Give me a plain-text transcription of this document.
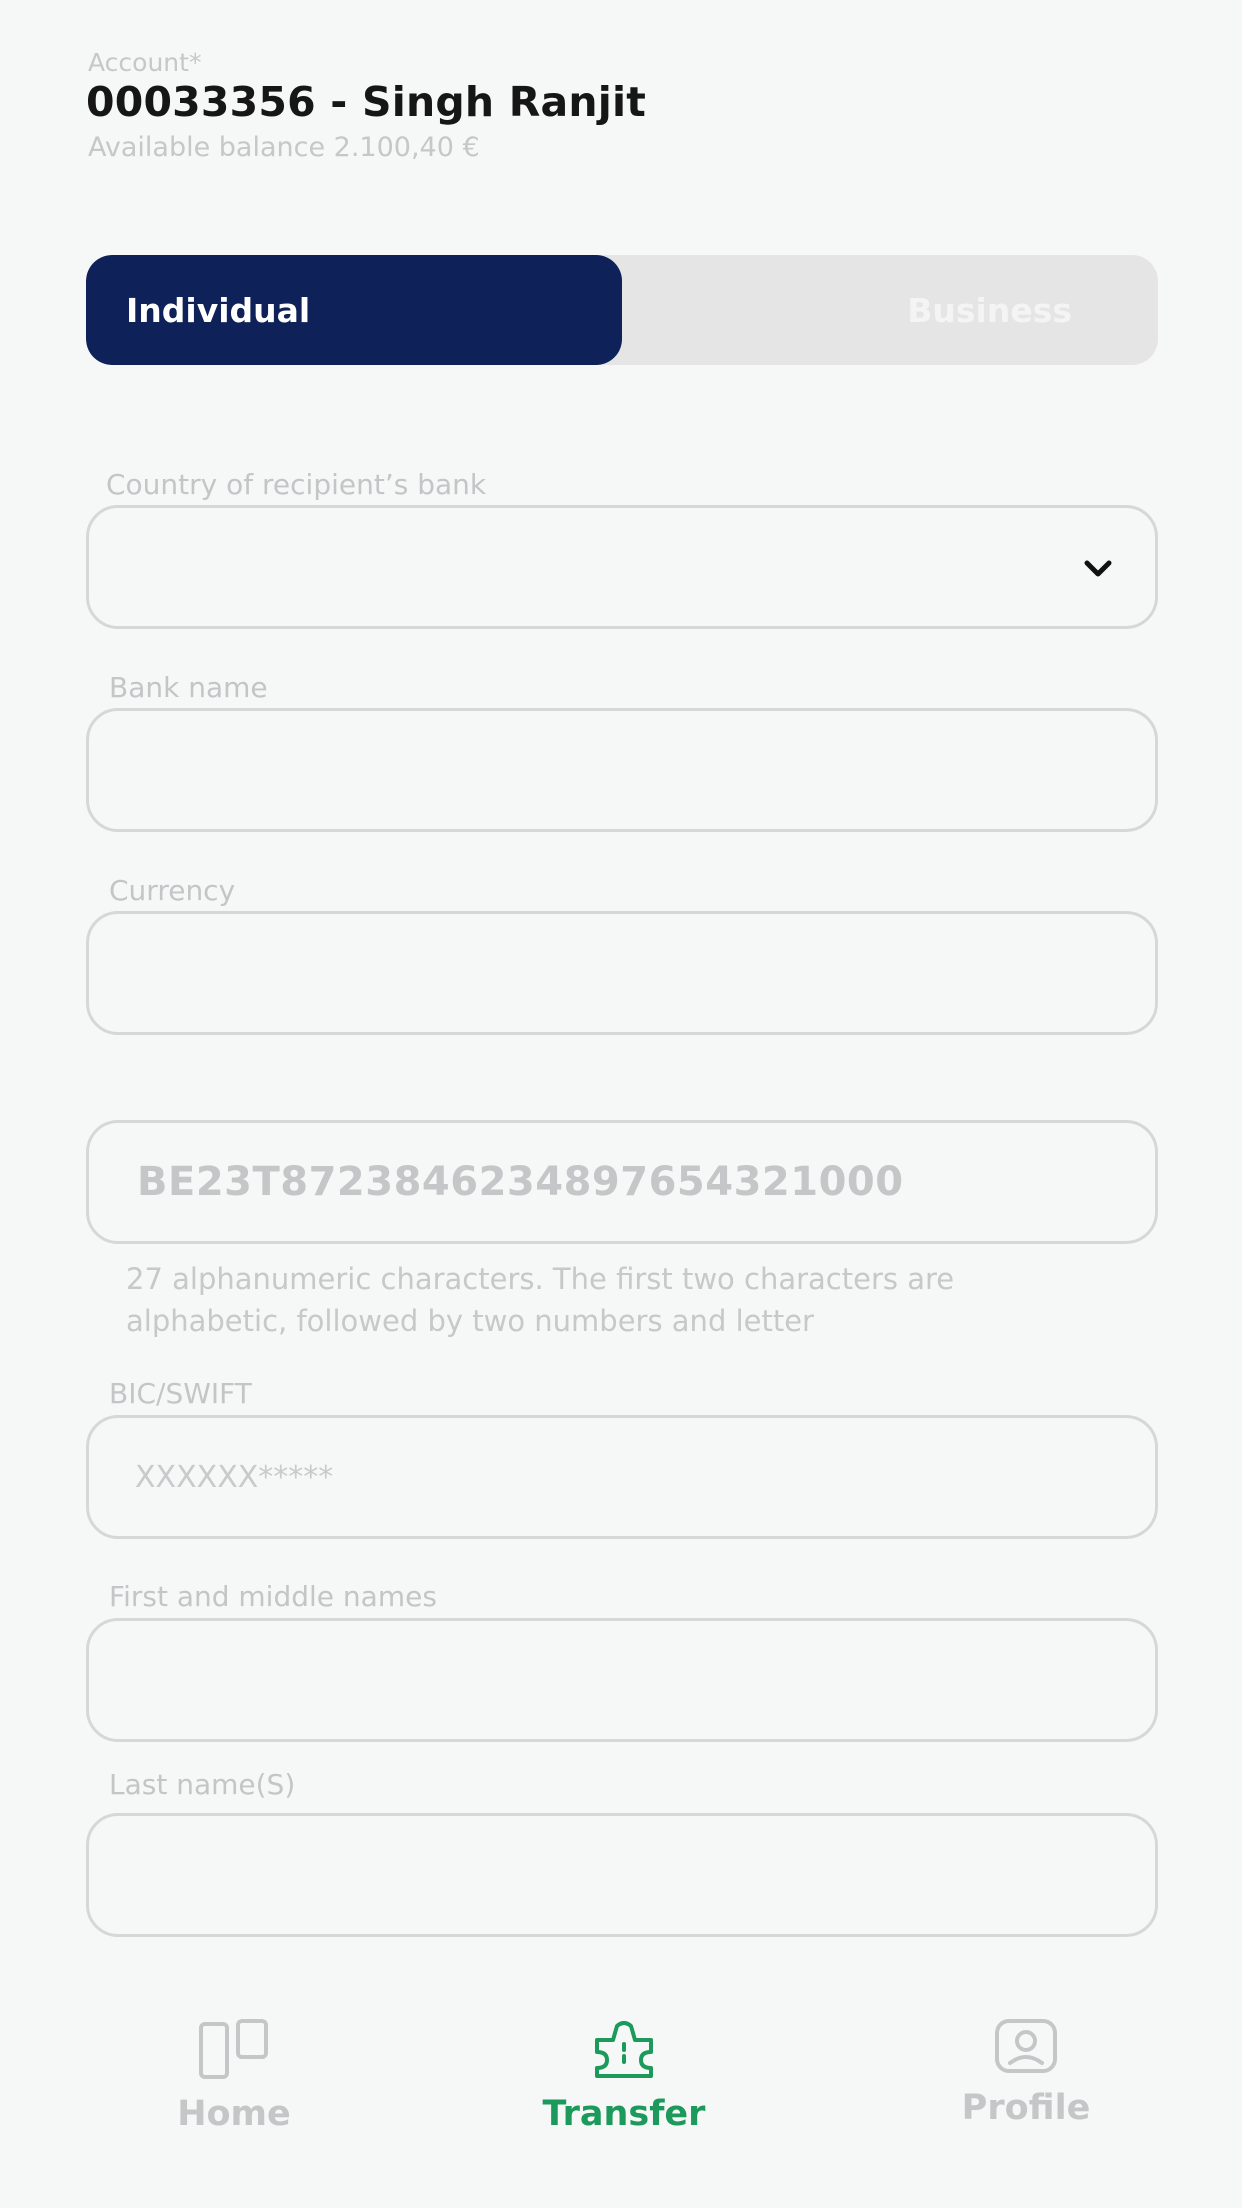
Account*
00033356 - Singh Ranjit
Available balance 2.100,40 €
Individual	Business
Country of recipient’s bank
Bank name
Currency
BE23T872384623489765432100​0
27 alphanumeric characters. The first two characters are alphabetic, followed by two numbers and letter
BIC/SWIFT
XXXXXX*****
First and middle names
Last name(S)
Home	Transfer	Profile
